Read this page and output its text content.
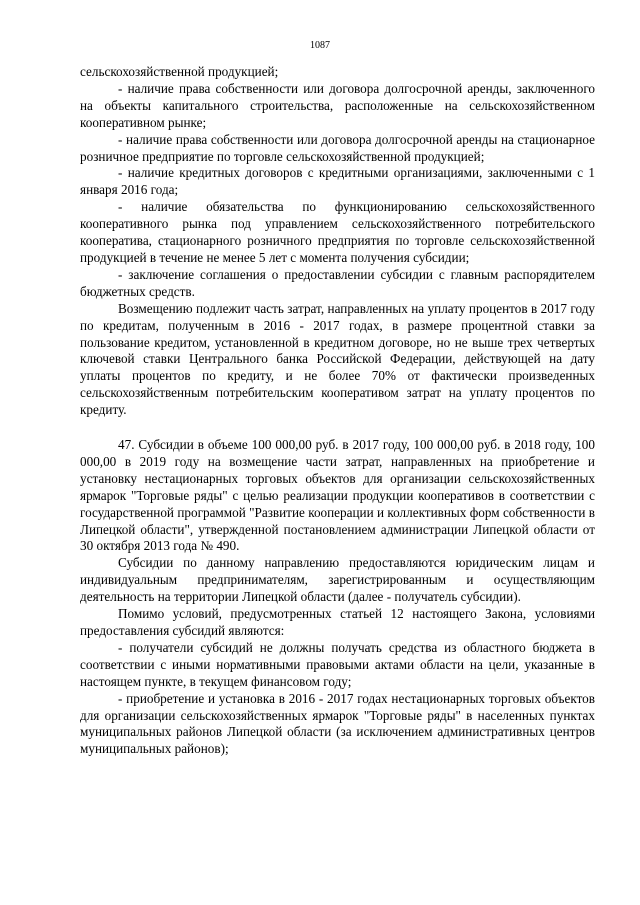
1087

сельскохозяйственной продукцией;

- наличие права собственности или договора долгосрочной аренды, заключенного на объекты капитального строительства, расположенные на сельскохозяйственном кооперативном рынке;

- наличие права собственности или договора долгосрочной аренды на стационарное розничное предприятие по торговле сельскохозяйственной продукцией;

- наличие кредитных договоров с кредитными организациями, заключенными с 1 января 2016 года;

- наличие обязательства по функционированию сельскохозяйственного кооперативного рынка под управлением сельскохозяйственного потребительского кооператива, стационарного розничного предприятия по торговле сельскохозяйственной продукцией в течение не менее 5 лет с момента получения субсидии;

- заключение соглашения о предоставлении субсидии с главным распорядителем бюджетных средств.

Возмещению подлежит часть затрат, направленных на уплату процентов в 2017 году по кредитам, полученным в 2016 - 2017 годах, в размере процентной ставки за пользование кредитом, установленной в кредитном договоре, но не выше трех четвертых ключевой ставки Центрального банка Российской Федерации, действующей на дату уплаты процентов по кредиту, и не более 70% от фактически произведенных сельскохозяйственным потребительским кооперативом затрат на уплату процентов по кредиту.

47. Субсидии в объеме 100 000,00 руб. в 2017 году, 100 000,00 руб. в 2018 году, 100 000,00 в 2019 году на возмещение части затрат, направленных на приобретение и установку нестационарных торговых объектов для организации сельскохозяйственных ярмарок "Торговые ряды" с целью реализации продукции кооперативов в соответствии с государственной программой "Развитие кооперации и коллективных форм собственности в Липецкой области", утвержденной постановлением администрации Липецкой области от 30 октября 2013 года № 490.

Субсидии по данному направлению предоставляются юридическим лицам и индивидуальным предпринимателям, зарегистрированным и осуществляющим деятельность на территории Липецкой области (далее - получатель субсидии).

Помимо условий, предусмотренных статьей 12 настоящего Закона, условиями предоставления субсидий являются:

- получатели субсидий не должны получать средства из областного бюджета в соответствии с иными нормативными правовыми актами области на цели, указанные в настоящем пункте, в текущем финансовом году;

- приобретение и установка в 2016 - 2017 годах нестационарных торговых объектов для организации сельскохозяйственных ярмарок "Торговые ряды" в населенных пунктах муниципальных районов Липецкой области (за исключением административных центров муниципальных районов);
